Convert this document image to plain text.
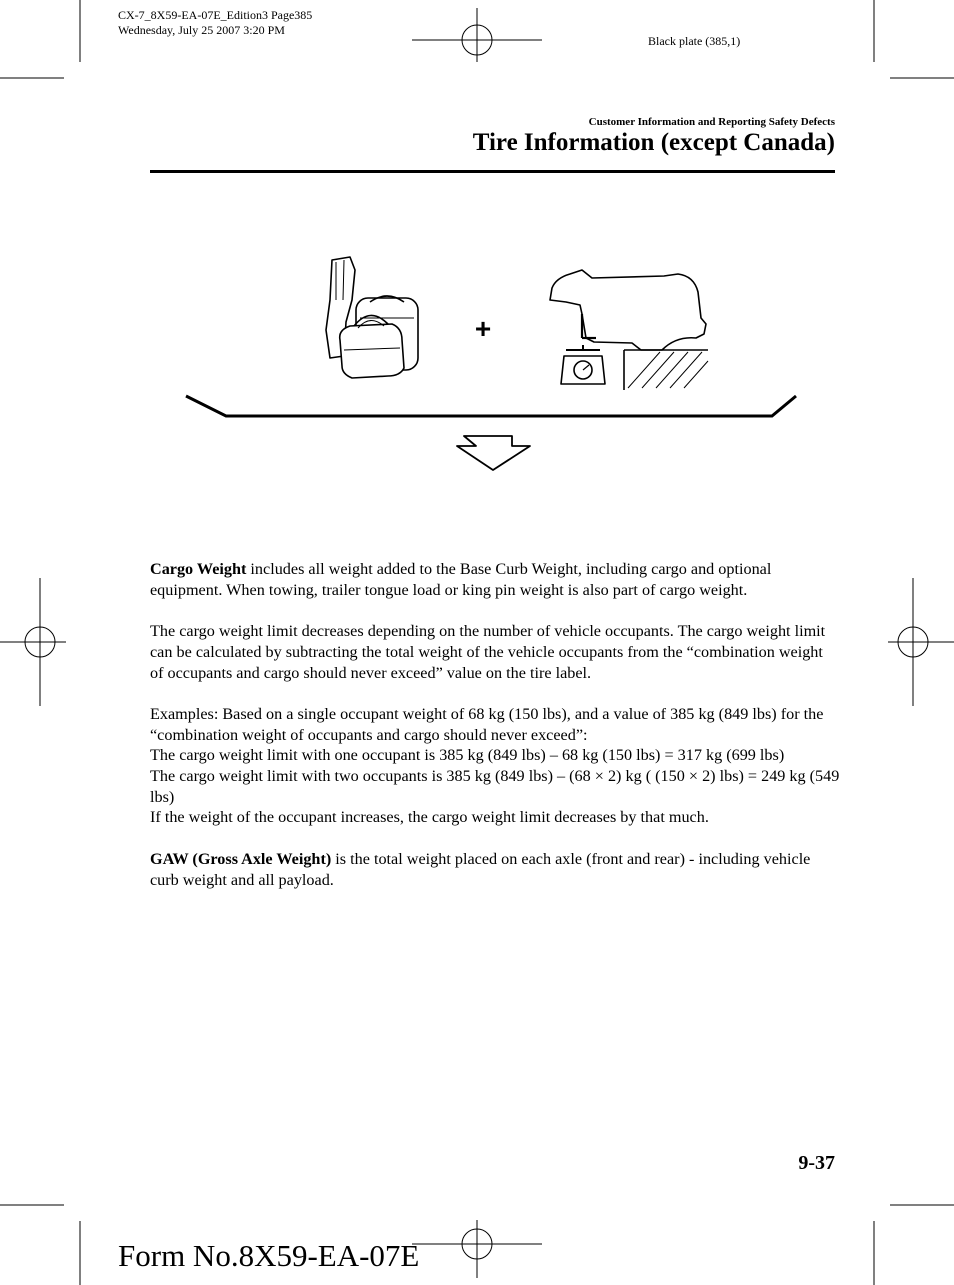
CX-7_8X59-EA-07E_Edition3 Page385
Wednesday, July 25 2007 3:20 PM
Black plate (385,1)
Customer Information and Reporting Safety Defects
Tire Information (except Canada)
+

Cargo Weight includes all weight added to the Base Curb Weight, including cargo and optional equipment. When towing, trailer tongue load or king pin weight is also part of cargo weight.

The cargo weight limit decreases depending on the number of vehicle occupants. The cargo weight limit can be calculated by subtracting the total weight of the vehicle occupants from the “combination weight of occupants and cargo should never exceed” value on the tire label.

Examples: Based on a single occupant weight of 68 kg (150 lbs), and a value of 385 kg (849 lbs) for the “combination weight of occupants and cargo should never exceed”:
The cargo weight limit with one occupant is 385 kg (849 lbs) – 68 kg (150 lbs) = 317 kg (699 lbs)
The cargo weight limit with two occupants is 385 kg (849 lbs) – (68 × 2) kg ( (150 × 2) lbs) = 249 kg (549 lbs)
If the weight of the occupant increases, the cargo weight limit decreases by that much.

GAW (Gross Axle Weight) is the total weight placed on each axle (front and rear) - including vehicle curb weight and all payload.

9-37
Form No.8X59-EA-07E
